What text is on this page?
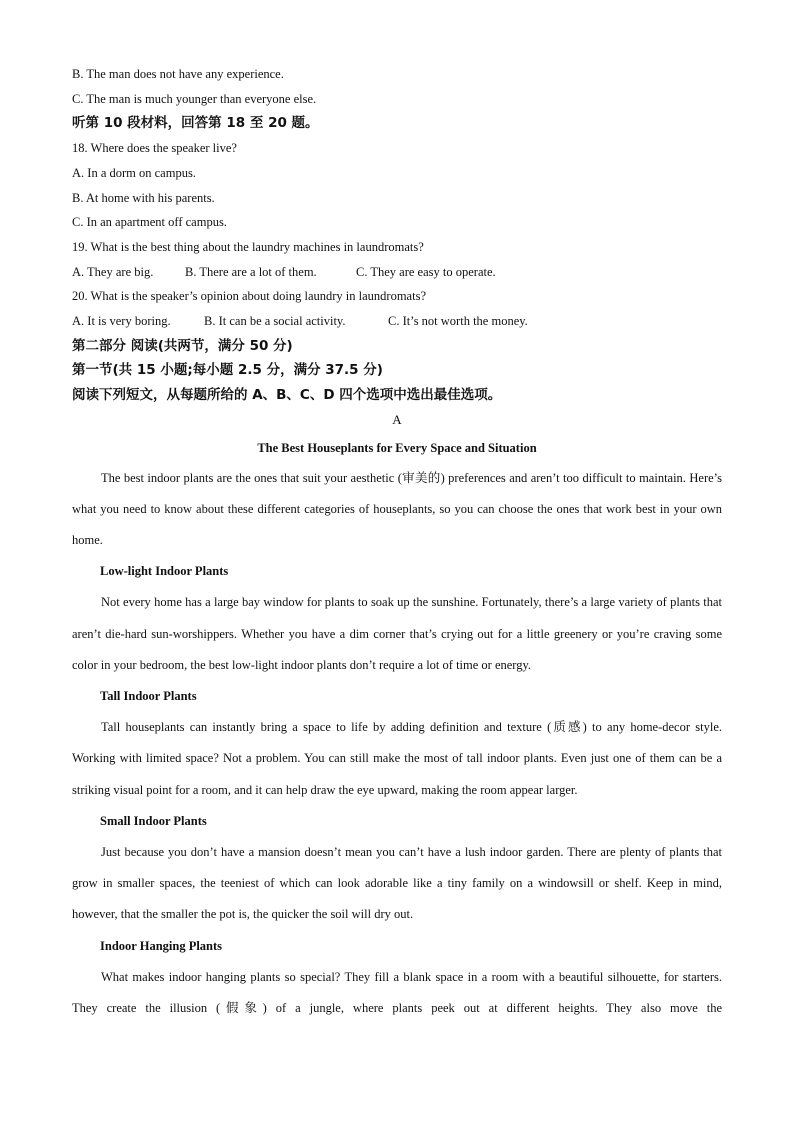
B. The man does not have any experience.
C. The man is much younger than everyone else.
听第 10 段材料，回答第 18 至 20 题。
18. Where does the speaker live?
A. In a dorm on campus.
B. At home with his parents.
C. In an apartment off campus.
19. What is the best thing about the laundry machines in laundromats?
A. They are big.	B. There are a lot of them.	C. They are easy to operate.
20. What is the speaker’s opinion about doing laundry in laundromats?
A. It is very boring.	B. It can be a social activity.	C. It’s not worth the money.
第二部分 阅读(共两节，满分 50 分)
第一节(共 15 小题;每小题 2.5 分，满分 37.5 分)
阅读下列短文，从每题所给的 A、B、C、D 四个选项中选出最佳选项。
A
The Best Houseplants for Every Space and Situation
The best indoor plants are the ones that suit your aesthetic (审美的) preferences and aren’t too difficult to maintain. Here’s what you need to know about these different categories of houseplants, so you can choose the ones that work best in your own home.
Low-light Indoor Plants
Not every home has a large bay window for plants to soak up the sunshine. Fortunately, there’s a large variety of plants that aren’t die-hard sun-worshippers. Whether you have a dim corner that’s crying out for a little greenery or you’re craving some color in your bedroom, the best low-light indoor plants don’t require a lot of time or energy.
Tall Indoor Plants
Tall houseplants can instantly bring a space to life by adding definition and texture (质感) to any home-decor style. Working with limited space? Not a problem. You can still make the most of tall indoor plants. Even just one of them can be a striking visual point for a room, and it can help draw the eye upward, making the room appear larger.
Small Indoor Plants
Just because you don’t have a mansion doesn’t mean you can’t have a lush indoor garden. There are plenty of plants that grow in smaller spaces, the teeniest of which can look adorable like a tiny family on a windowsill or shelf. Keep in mind, however, that the smaller the pot is, the quicker the soil will dry out.
Indoor Hanging Plants
What makes indoor hanging plants so special? They fill a blank space in a room with a beautiful silhouette, for starters. They create the illusion (假象) of a jungle, where plants peek out at different heights. They also move the
